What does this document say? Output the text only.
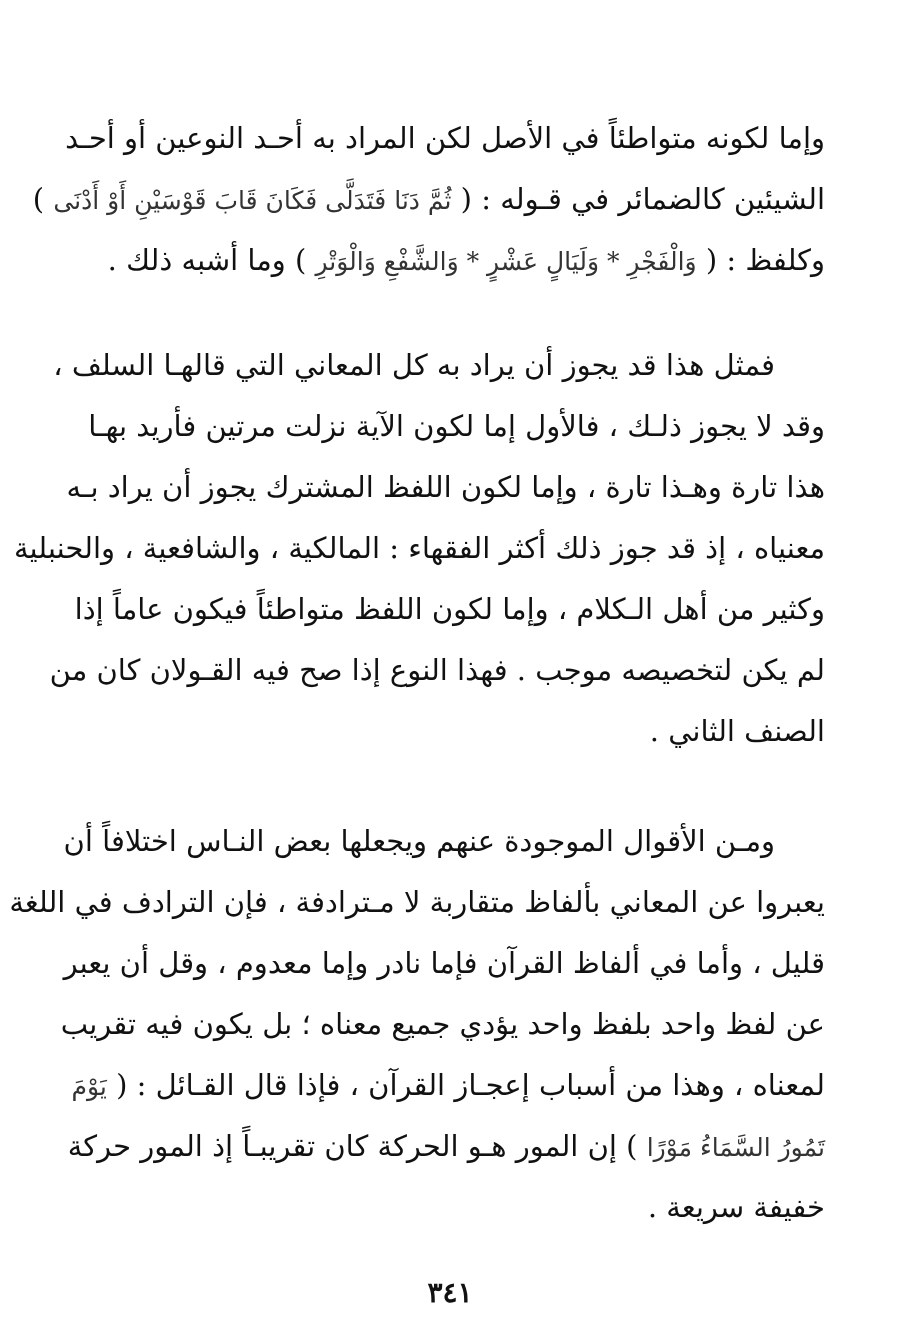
وإما لكونه متواطئاً في الأصل لكن المراد به أحـد النوعين أو أحـد
الشيئين كالضمائر في قـوله : ( ثُمَّ دَنَا فَتَدَلَّى فَكَانَ قَابَ قَوْسَيْنِ أَوْ أَدْنَى )
وكلفظ : ( وَالْفَجْرِ * وَلَيَالٍ عَشْرٍ * وَالشَّفْعِ وَالْوَتْرِ ) وما أشبه ذلك .
فمثل هذا قد يجوز أن يراد به كل المعاني التي قالهـا السلف ،
وقد لا يجوز ذلـك ، فالأول إما لكون الآية نزلت مرتين فأريد بهـا
هذا تارة وهـذا تارة ، وإما لكون اللفظ المشترك يجوز أن يراد بـه
معنياه ، إذ قد جوز ذلك أكثر الفقهاء : المالكية ، والشافعية ، والحنبلية
وكثير من أهل الـكلام ، وإما لكون اللفظ متواطئاً فيكون عاماً إذا
لم يكن لتخصيصه موجب . فهذا النوع إذا صح فيه القـولان كان من
الصنف الثاني .
ومـن الأقوال الموجودة عنهم ويجعلها بعض النـاس اختلافاً أن
يعبروا عن المعاني بألفاظ متقاربة لا مـترادفة ، فإن الترادف في اللغة
قليل ، وأما في ألفاظ القرآن فإما نادر وإما معدوم ، وقل أن يعبر
عن لفظ واحد بلفظ واحد يؤدي جميع معناه ؛ بل يكون فيه تقريب
لمعناه ، وهذا من أسباب إعجـاز القرآن ، فإذا قال القـائل : ( يَوْمَ
تَمُورُ السَّمَاءُ مَوْرًا ) إن المور هـو الحركة كان تقريبـاً إذ المور حركة
خفيفة سريعة .
٣٤١
